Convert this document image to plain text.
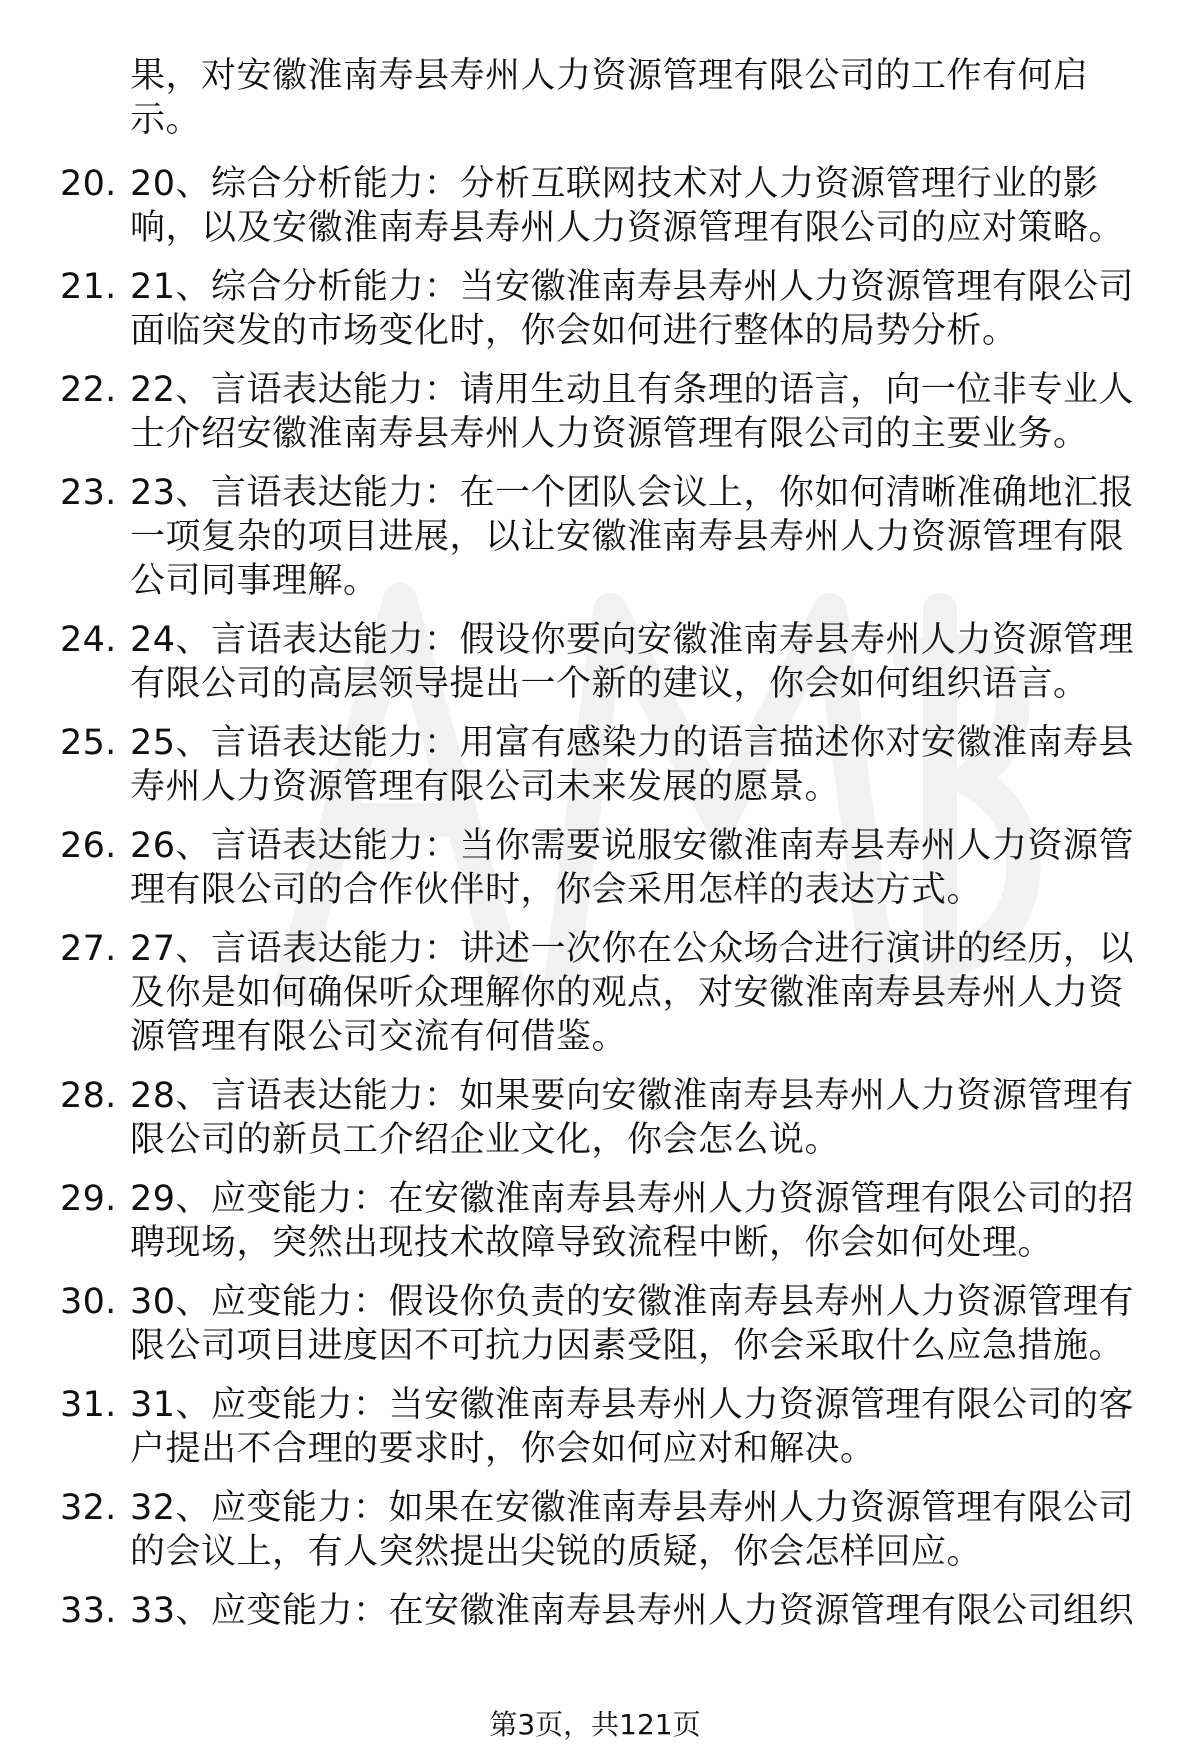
果，对安徽淮南寿县寿州人力资源管理有限公司的工作有何启示。
20. 20、综合分析能力：分析互联网技术对人力资源管理行业的影响，以及安徽淮南寿县寿州人力资源管理有限公司的应对策略。
21. 21、综合分析能力：当安徽淮南寿县寿州人力资源管理有限公司面临突发的市场变化时，你会如何进行整体的局势分析。
22. 22、言语表达能力：请用生动且有条理的语言，向一位非专业人士介绍安徽淮南寿县寿州人力资源管理有限公司的主要业务。
23. 23、言语表达能力：在一个团队会议上，你如何清晰准确地汇报一项复杂的项目进展，以让安徽淮南寿县寿州人力资源管理有限公司同事理解。
24. 24、言语表达能力：假设你要向安徽淮南寿县寿州人力资源管理有限公司的高层领导提出一个新的建议，你会如何组织语言。
25. 25、言语表达能力：用富有感染力的语言描述你对安徽淮南寿县寿州人力资源管理有限公司未来发展的愿景。
26. 26、言语表达能力：当你需要说服安徽淮南寿县寿州人力资源管理有限公司的合作伙伴时，你会采用怎样的表达方式。
27. 27、言语表达能力：讲述一次你在公众场合进行演讲的经历，以及你是如何确保听众理解你的观点，对安徽淮南寿县寿州人力资源管理有限公司交流有何借鉴。
28. 28、言语表达能力：如果要向安徽淮南寿县寿州人力资源管理有限公司的新员工介绍企业文化，你会怎么说。
29. 29、应变能力：在安徽淮南寿县寿州人力资源管理有限公司的招聘现场，突然出现技术故障导致流程中断，你会如何处理。
30. 30、应变能力：假设你负责的安徽淮南寿县寿州人力资源管理有限公司项目进度因不可抗力因素受阻，你会采取什么应急措施。
31. 31、应变能力：当安徽淮南寿县寿州人力资源管理有限公司的客户提出不合理的要求时，你会如何应对和解决。
32. 32、应变能力：如果在安徽淮南寿县寿州人力资源管理有限公司的会议上，有人突然提出尖锐的质疑，你会怎样回应。
33. 33、应变能力：在安徽淮南寿县寿州人力资源管理有限公司组织
第3页，共121页
